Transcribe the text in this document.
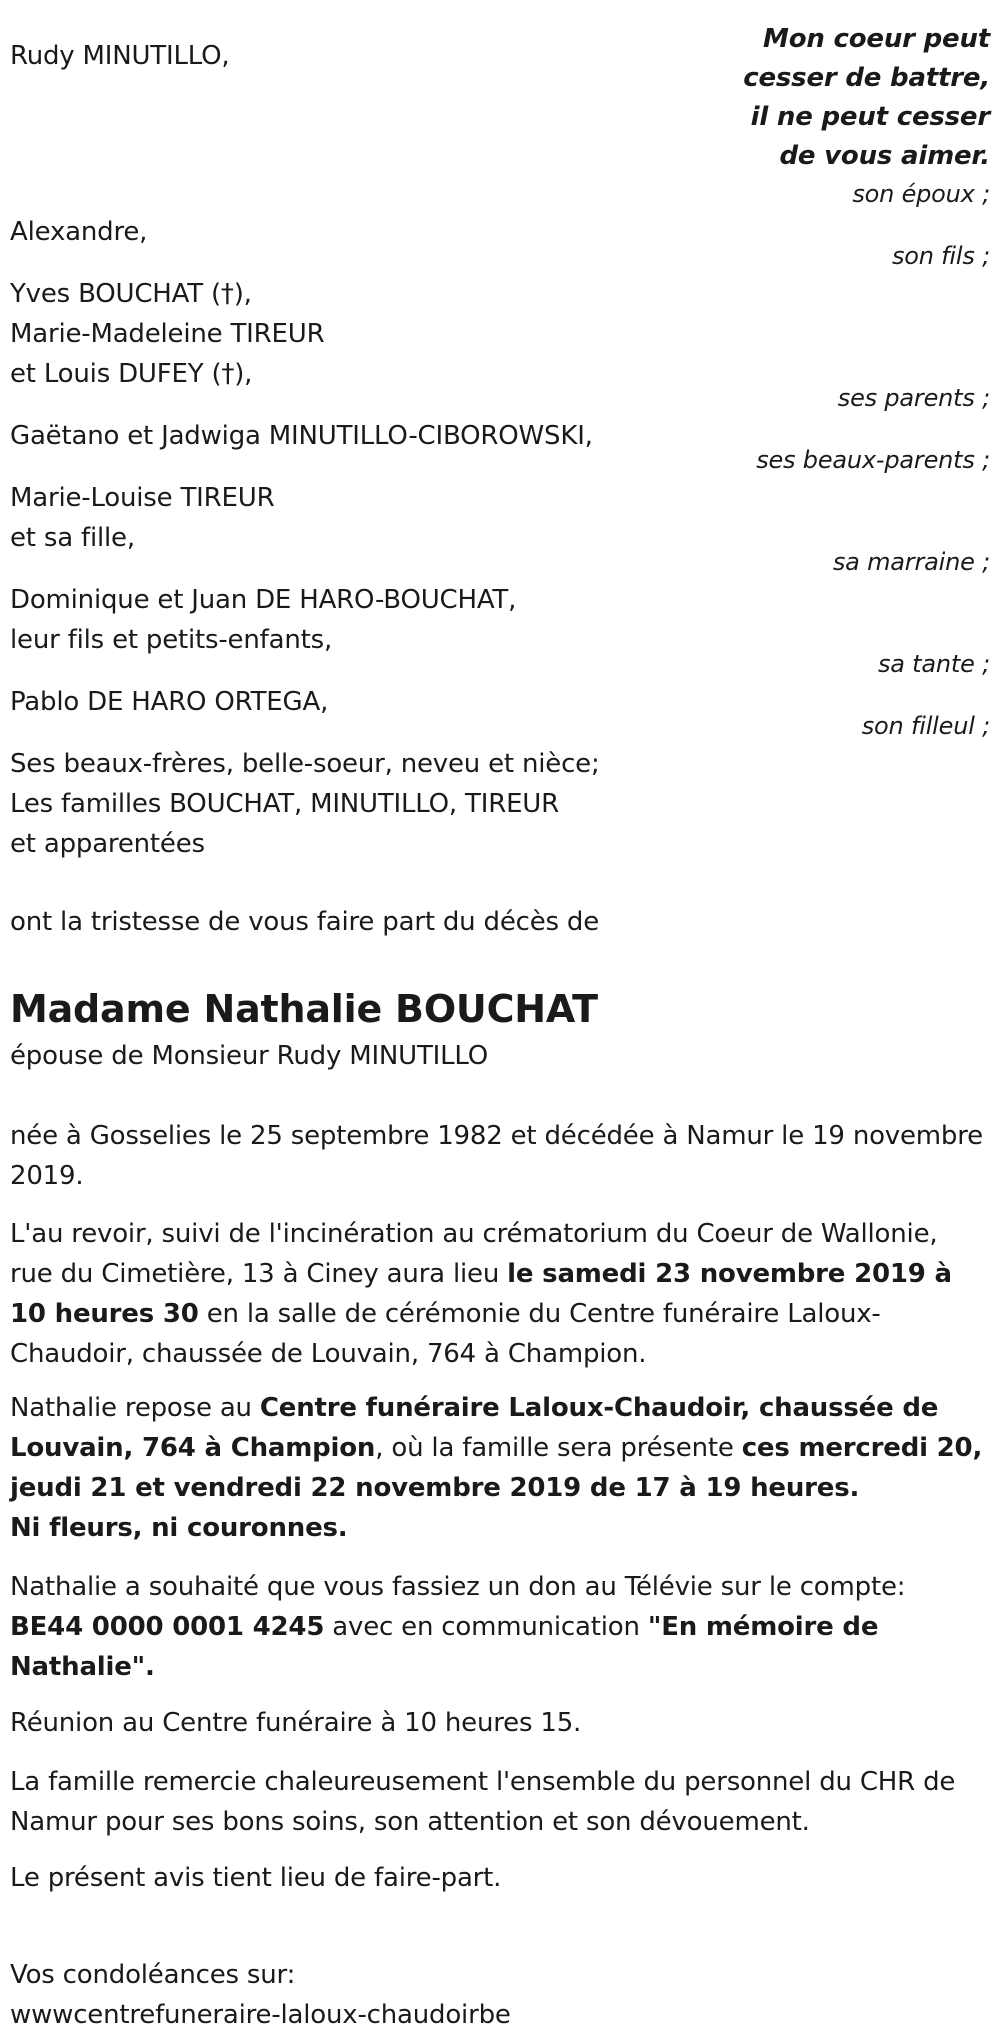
Mon coeur peut
cesser de battre,
il ne peut cesser
de vous aimer.
Rudy MINUTILLO,
son époux ;
Alexandre,
son fils ;
Yves BOUCHAT (†),
Marie-Madeleine TIREUR
et Louis DUFEY (†),
ses parents ;
Gaëtano et Jadwiga MINUTILLO-CIBOROWSKI,
ses beaux-parents ;
Marie-Louise TIREUR
et sa fille,
sa marraine ;
Dominique et Juan DE HARO-BOUCHAT,
leur fils et petits-enfants,
sa tante ;
Pablo DE HARO ORTEGA,
son filleul ;
Ses beaux-frères, belle-soeur, neveu et nièce;
Les familles BOUCHAT, MINUTILLO, TIREUR
et apparentées
ont la tristesse de vous faire part du décès de
Madame Nathalie BOUCHAT
épouse de Monsieur Rudy MINUTILLO

née à Gosselies le 25 septembre 1982 et décédée à Namur le 19 novembre 2019.

L'au revoir, suivi de l'incinération au crématorium du Coeur de Wallonie, rue du Cimetière, 13 à Ciney aura lieu le samedi 23 novembre 2019 à 10 heures 30 en la salle de cérémonie du Centre funéraire Laloux-Chaudoir, chaussée de Louvain, 764 à Champion.

Nathalie repose au Centre funéraire Laloux-Chaudoir, chaussée de Louvain, 764 à Champion, où la famille sera présente ces mercredi 20, jeudi 21 et vendredi 22 novembre 2019 de 17 à 19 heures.

Ni fleurs, ni couronnes.

Nathalie a souhaité que vous fassiez un don au Télévie sur le compte: BE44 0000 0001 4245 avec en communication "En mémoire de Nathalie".

Réunion au Centre funéraire à 10 heures 15.

La famille remercie chaleureusement l'ensemble du personnel du CHR de Namur pour ses bons soins, son attention et son dévouement.

Le présent avis tient lieu de faire-part.

Vos condoléances sur:
wwwcentrefuneraire-laloux-chaudoirbe
